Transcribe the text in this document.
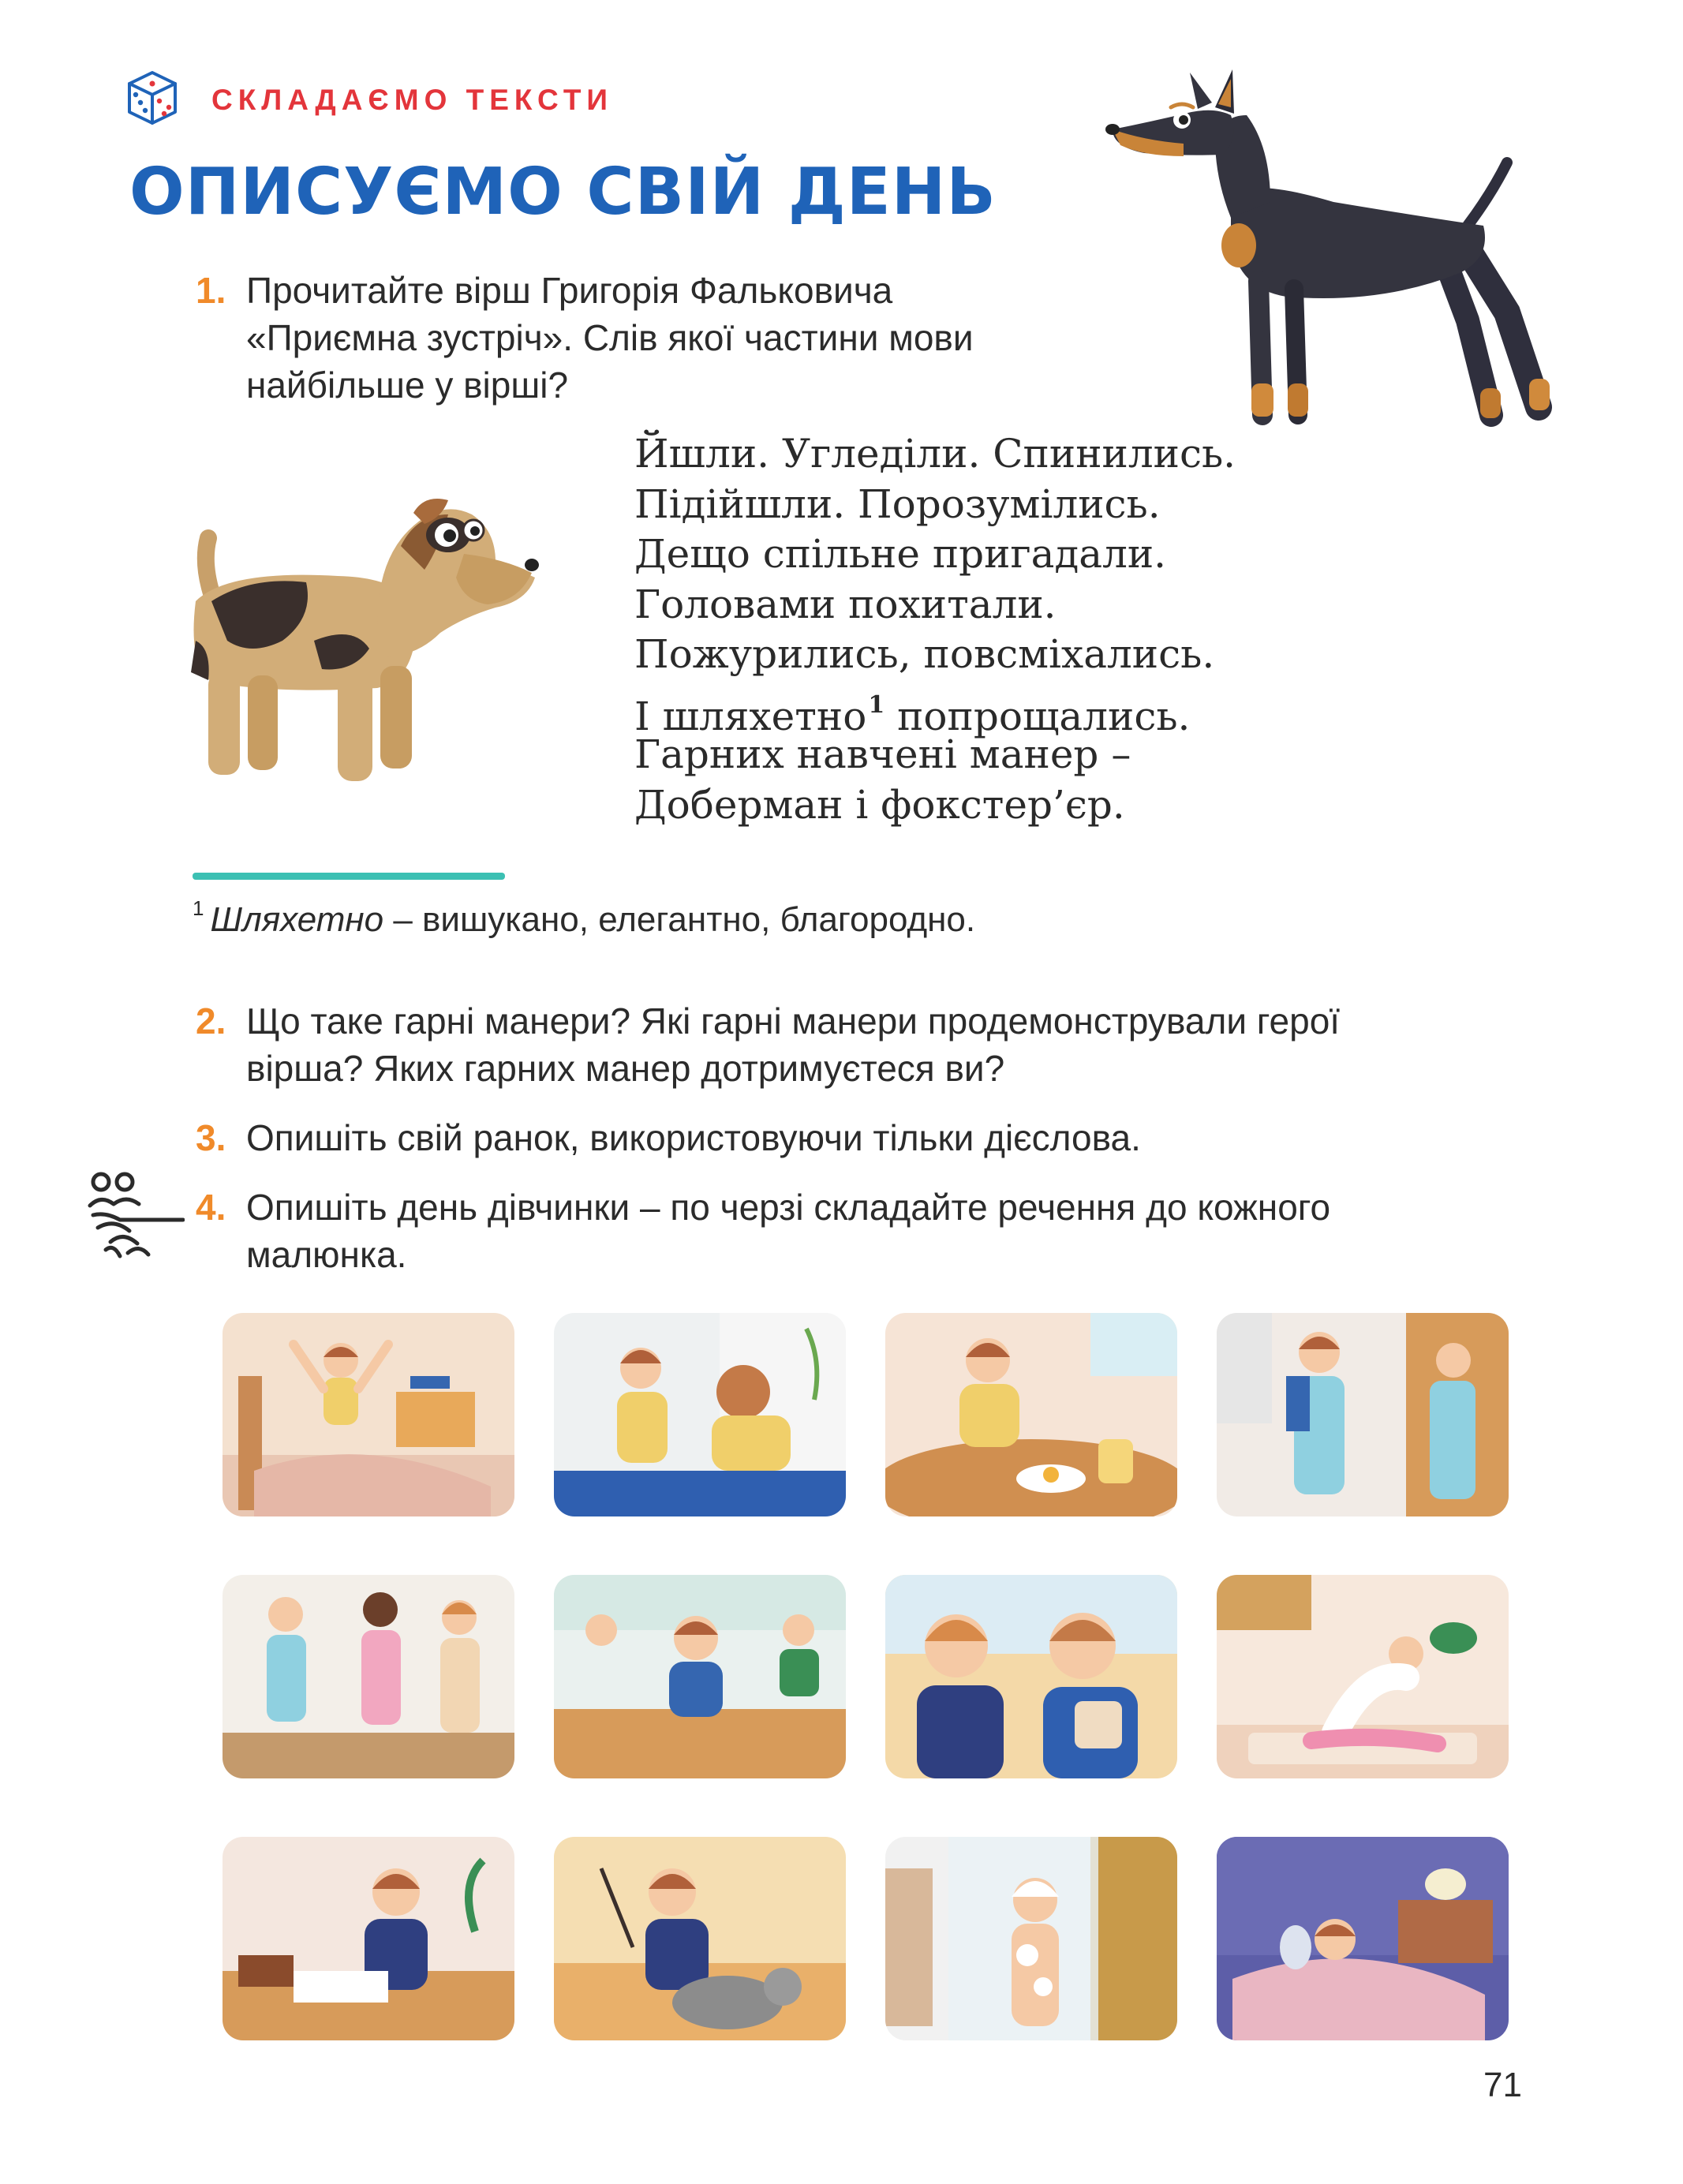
СКЛАДАЄМО ТЕКСТИ
ОПИСУЄМО СВІЙ ДЕНЬ
1. Прочитайте вірш Григорія Фальковича
«Приємна зустріч». Слів якої частини мови
найбільше у вірші?
Йшли. Угледіли. Спинились.
Підійшли. Порозумілись.
Дещо спільне пригадали.
Головами похитали.
Пожурились, повсміхались.
І шляхетно$^1$ попрощались.
Гарних навчені манер –
Доберман і фокстер’єр.
$^1$ Шляхетно – вишукано, елегантно, благородно.
2. Що таке гарні манери? Які гарні манери продемонстрували герої
вірша? Яких гарних манер дотримуєтеся ви?
3. Опишіть свій ранок, використовуючи тільки дієслова.
4. Опишіть день дівчинки – по черзі складайте речення до кожного
малюнка.
71
